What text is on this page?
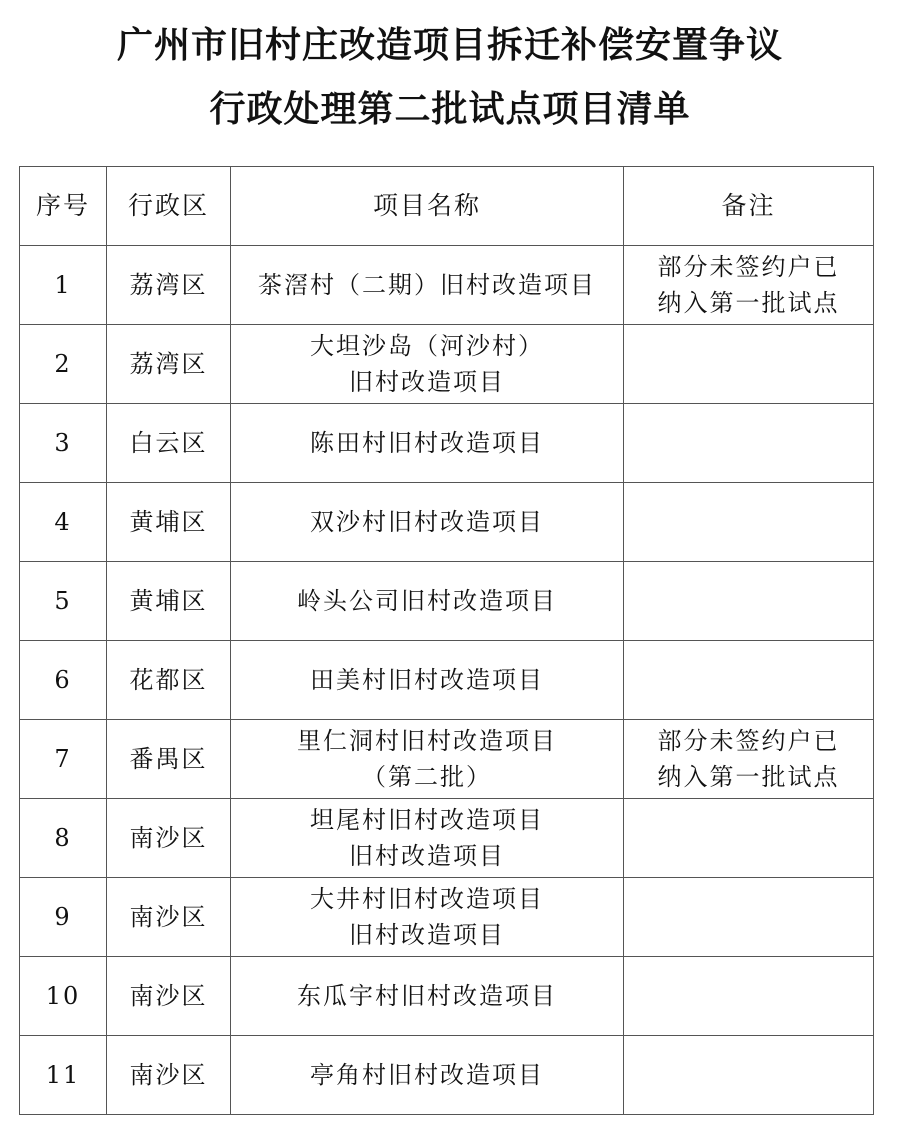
广州市旧村庄改造项目拆迁补偿安置争议
行政处理第二批试点项目清单
序号	行政区	项目名称	备注
1	荔湾区	茶滘村（二期）旧村改造项目	部分未签约户已
纳入第一批试点

2	荔湾区	大坦沙岛（河沙村）
旧村改造项目	

3	白云区	陈田村旧村改造项目	

4	黄埔区	双沙村旧村改造项目	

5	黄埔区	岭头公司旧村改造项目	

6	花都区	田美村旧村改造项目	

7	番禺区	里仁洞村旧村改造项目
（第二批）	部分未签约户已
纳入第一批试点

8	南沙区	坦尾村旧村改造项目
旧村改造项目	

9	南沙区	大井村旧村改造项目
旧村改造项目	

10	南沙区	东瓜宇村旧村改造项目	

11	南沙区	亭角村旧村改造项目	
